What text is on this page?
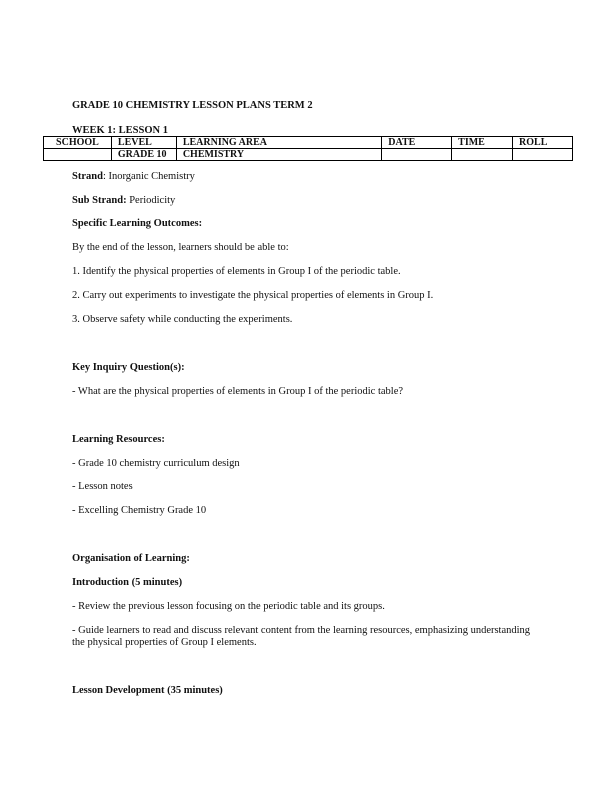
GRADE 10 CHEMISTRY LESSON PLANS TERM 2
WEEK 1: LESSON 1
SCHOOL	LEVEL	LEARNING AREA	DATE	TIME	ROLL
	GRADE 10	CHEMISTRY			
Strand: Inorganic Chemistry
Sub Strand: Periodicity
Specific Learning Outcomes:
By the end of the lesson, learners should be able to:
1. Identify the physical properties of elements in Group I of the periodic table.
2. Carry out experiments to investigate the physical properties of elements in Group I.
3. Observe safety while conducting the experiments.
Key Inquiry Question(s):
- What are the physical properties of elements in Group I of the periodic table?
Learning Resources:
- Grade 10 chemistry curriculum design
- Lesson notes
- Excelling Chemistry Grade 10
Organisation of Learning:
Introduction (5 minutes)
- Review the previous lesson focusing on the periodic table and its groups.
- Guide learners to read and discuss relevant content from the learning resources, emphasizing understanding the physical properties of Group I elements.
Lesson Development (35 minutes)
